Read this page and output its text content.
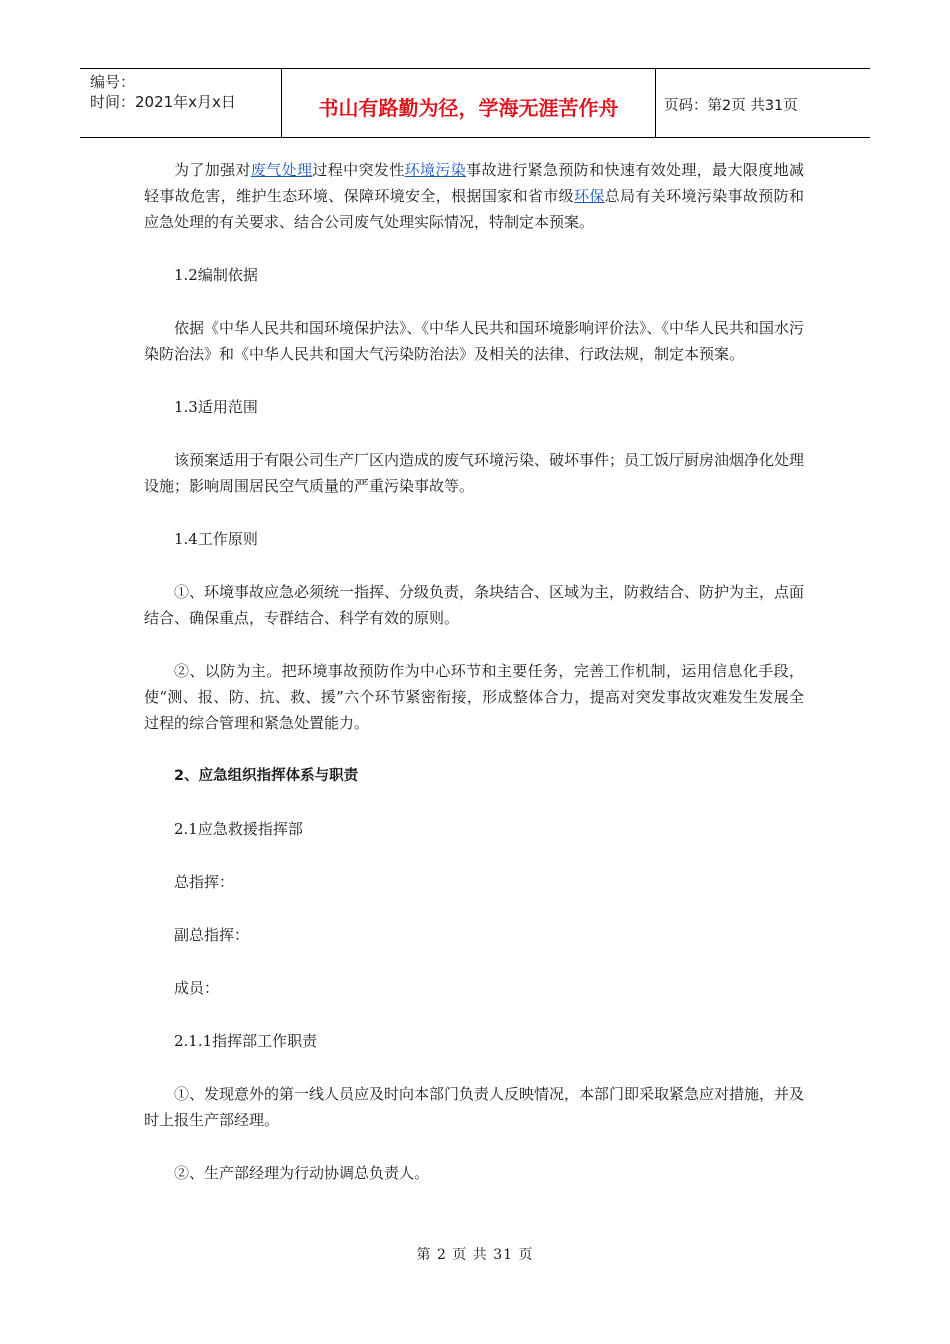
编号：
时间：2021年x月x日	书山有路勤为径，学海无涯苦作舟	页码：第2页 共31页

为了加强对废气处理过程中突发性环境污染事故进行紧急预防和快速有效处理，最大限度地减轻事故危害，维护生态环境、保障环境安全，根据国家和省市级环保总局有关环境污染事故预防和应急处理的有关要求、结合公司废气处理实际情况，特制定本预案。

1.2编制依据

依据《中华人民共和国环境保护法》、《中华人民共和国环境影响评价法》、《中华人民共和国水污染防治法》和《中华人民共和国大气污染防治法》及相关的法律、行政法规，制定本预案。

1.3适用范围

该预案适用于有限公司生产厂区内造成的废气环境污染、破坏事件；员工饭厅厨房油烟净化处理设施；影响周围居民空气质量的严重污染事故等。

1.4工作原则

①、环境事故应急必须统一指挥、分级负责，条块结合、区域为主，防救结合、防护为主，点面结合、确保重点，专群结合、科学有效的原则。

②、以防为主。把环境事故预防作为中心环节和主要任务，完善工作机制，运用信息化手段，使“测、报、防、抗、救、援”六个环节紧密衔接，形成整体合力，提高对突发事故灾难发生发展全过程的综合管理和紧急处置能力。

2、应急组织指挥体系与职责

2.1应急救援指挥部

总指挥：

副总指挥：

成员：

2.1.1指挥部工作职责

①、发现意外的第一线人员应及时向本部门负责人反映情况，本部门即采取紧急应对措施，并及时上报生产部经理。

②、生产部经理为行动协调总负责人。

第 2 页 共 31 页
